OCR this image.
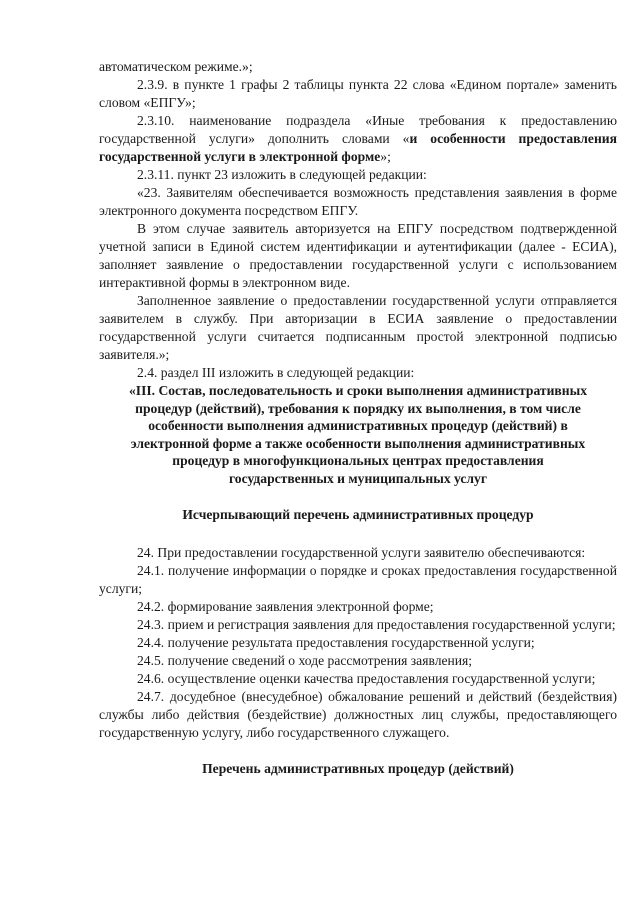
автоматическом режиме.»;

2.3.9. в пункте 1 графы 2 таблицы пункта 22 слова «Едином портале» заменить словом «ЕПГУ»;

2.3.10. наименование подраздела «Иные требования к предоставлению государственной услуги» дополнить словами «и особенности предоставления государственной услуги в электронной форме»;

2.3.11. пункт 23 изложить в следующей редакции:

«23. Заявителям обеспечивается возможность представления заявления в форме электронного документа посредством ЕПГУ.

В этом случае заявитель авторизуется на ЕПГУ посредством подтвержденной учетной записи в Единой систем идентификации и аутентификации (далее - ЕСИА), заполняет заявление о предоставлении государственной услуги с использованием интерактивной формы в электронном виде.

Заполненное заявление о предоставлении государственной услуги отправляется заявителем в службу. При авторизации в ЕСИА заявление о предоставлении государственной услуги считается подписанным простой электронной подписью заявителя.»;

2.4. раздел III изложить в следующей редакции:

«III. Состав, последовательность и сроки выполнения административных процедур (действий), требования к порядку их выполнения, в том числе особенности выполнения административных процедур (действий) в электронной форме а также особенности выполнения административных процедур в многофункциональных центрах предоставления государственных и муниципальных услуг

Исчерпывающий перечень административных процедур

24. При предоставлении государственной услуги заявителю обеспечиваются:

24.1. получение информации о порядке и сроках предоставления государственной услуги;

24.2. формирование заявления электронной форме;

24.3. прием и регистрация заявления для предоставления государственной услуги;

24.4. получение результата предоставления государственной услуги;

24.5. получение сведений о ходе рассмотрения заявления;

24.6. осуществление оценки качества предоставления государственной услуги;

24.7. досудебное (внесудебное) обжалование решений и действий (бездействия) службы либо действия (бездействие) должностных лиц службы, предоставляющего государственную услугу, либо государственного служащего.

Перечень административных процедур (действий)
